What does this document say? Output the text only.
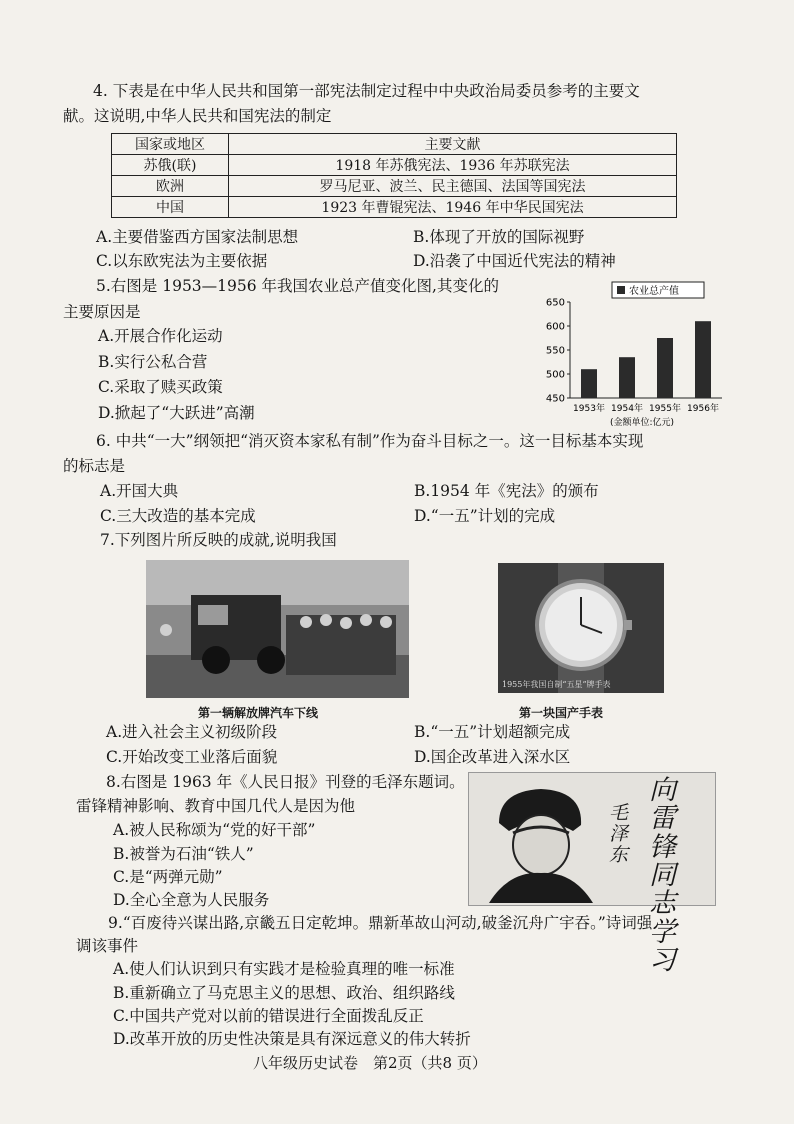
4. 下表是在中华人民共和国第一部宪法制定过程中中央政治局委员参考的主要文
献。这说明,中华人民共和国宪法的制定
国家或地区	主要文献
苏俄(联)	1918 年苏俄宪法、1936 年苏联宪法
欧洲	罗马尼亚、波兰、民主德国、法国等国宪法
中国	1923 年曹锟宪法、1946 年中华民国宪法
A.主要借鉴西方国家法制思想	B.体现了开放的国际视野
C.以东欧宪法为主要依据	D.沿袭了中国近代宪法的精神
5.右图是 1953—1956 年我国农业总产值变化图,其变化的
主要原因是
A.开展合作化运动
B.实行公私合营
C.采取了赎买政策
D.掀起了“大跃进”高潮
农业总产值
450
500
550
600
650
1953年 1954年 1955年 1956年
(金额单位:亿元)
6. 中共“一大”纲领把“消灭资本家私有制”作为奋斗目标之一。这一目标基本实现
的标志是
A.开国大典	B.1954 年《宪法》的颁布
C.三大改造的基本完成	D.“一五”计划的完成
7.下列图片所反映的成就,说明我国
第一辆解放牌汽车下线
1955年我国自制“五星”牌手表
第一块国产手表
A.进入社会主义初级阶段	B.“一五”计划超额完成
C.开始改变工业落后面貌	D.国企改革进入深水区
8.右图是 1963 年《人民日报》刊登的毛泽东题词。
雷锋精神影响、教育中国几代人是因为他
A.被人民称颂为“党的好干部”
B.被誉为石油“铁人”
C.是“两弹元勋”
D.全心全意为人民服务
向雷锋同志学习
毛泽东
9.“百废待兴谋出路,京畿五日定乾坤。鼎新革故山河动,破釜沉舟广宇吞。”诗词强
调该事件
A.使人们认识到只有实践才是检验真理的唯一标准
B.重新确立了马克思主义的思想、政治、组织路线
C.中国共产党对以前的错误进行全面拨乱反正
D.改革开放的历史性决策是具有深远意义的伟大转折
八年级历史试卷　第2页（共8 页）
